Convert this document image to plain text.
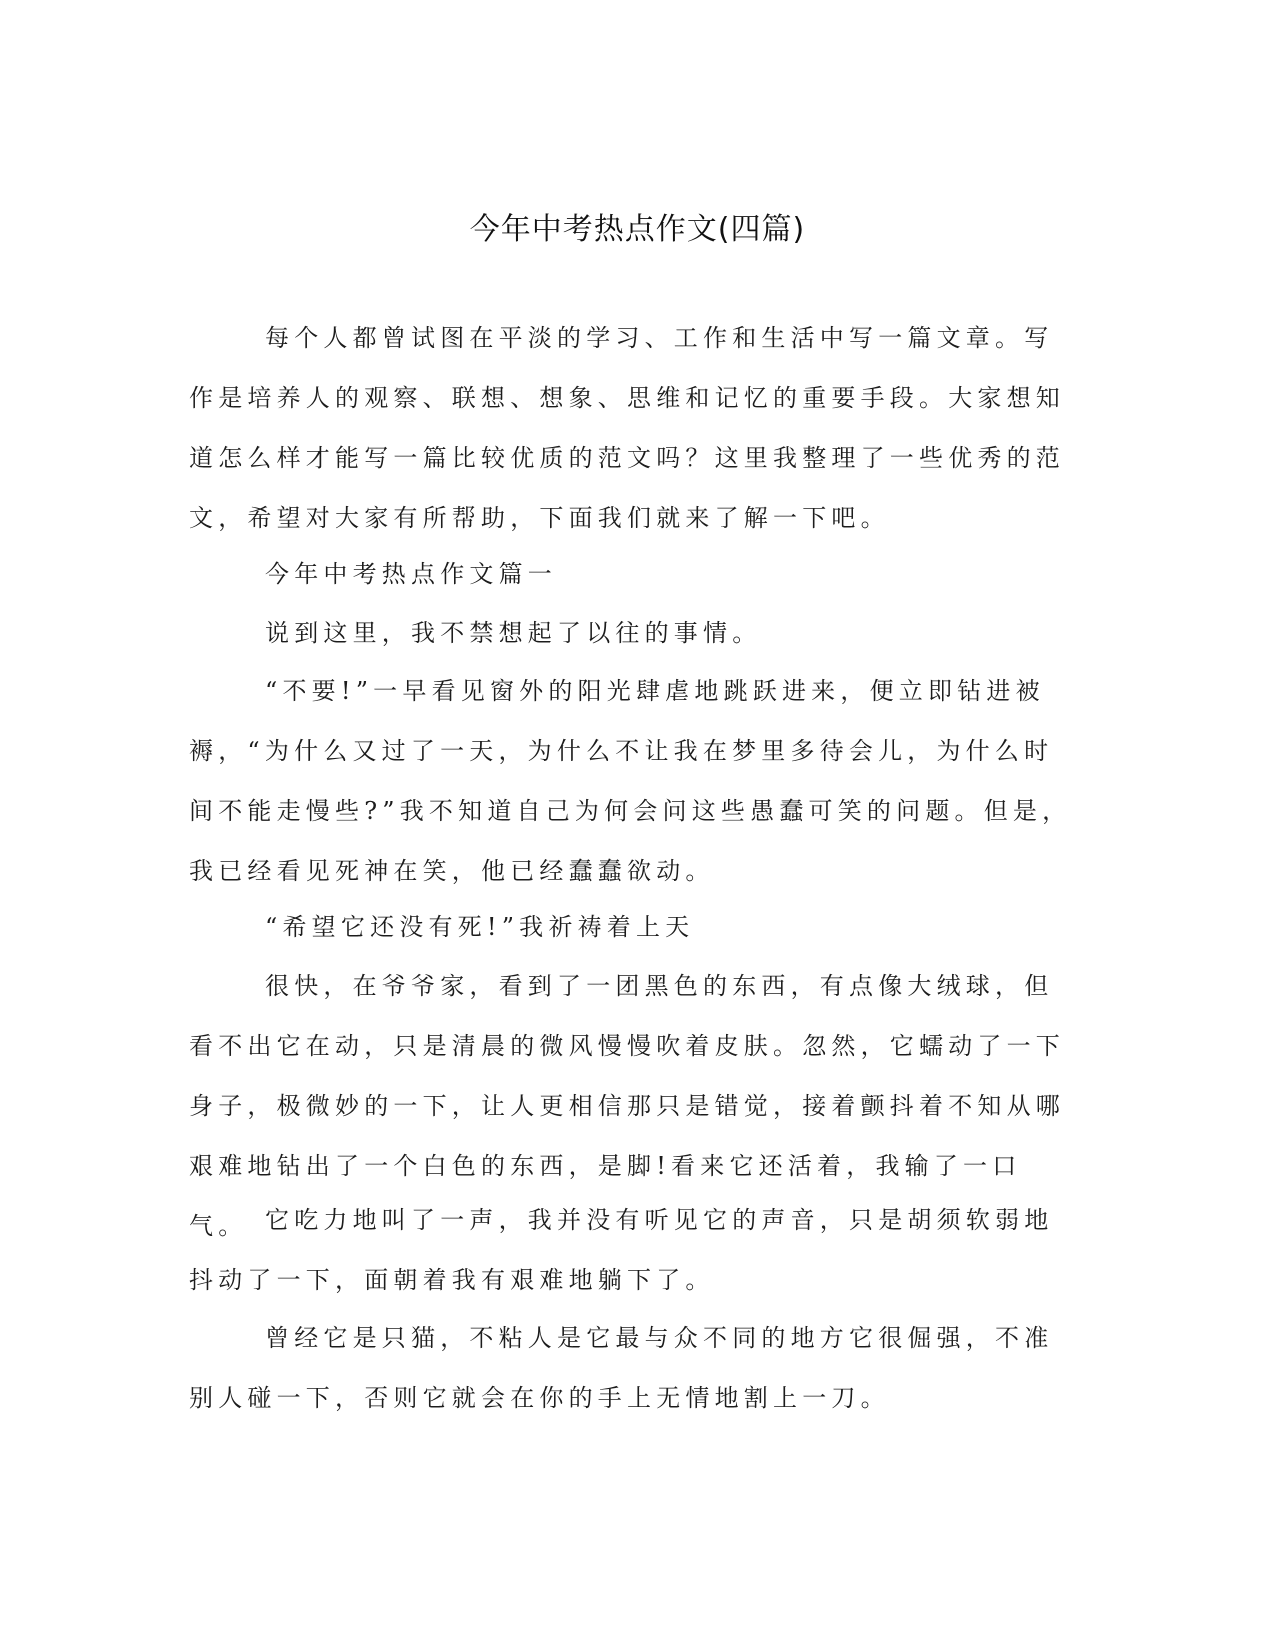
今年中考热点作文(四篇)
每个人都曾试图在平淡的学习、工作和生活中写一篇文章。写作是培养人的观察、联想、想象、思维和记忆的重要手段。大家想知道怎么样才能写一篇比较优质的范文吗？这里我整理了一些优秀的范文，希望对大家有所帮助，下面我们就来了解一下吧。
今年中考热点作文篇一
说到这里，我不禁想起了以往的事情。
“不要!”一早看见窗外的阳光肆虐地跳跃进来，便立即钻进被褥，“为什么又过了一天，为什么不让我在梦里多待会儿，为什么时间不能走慢些?”我不知道自己为何会问这些愚蠢可笑的问题。但是，我已经看见死神在笑，他已经蠢蠢欲动。
“希望它还没有死!”我祈祷着上天
很快，在爷爷家，看到了一团黑色的东西，有点像大绒球，但看不出它在动，只是清晨的微风慢慢吹着皮肤。忽然，它蠕动了一下身子，极微妙的一下，让人更相信那只是错觉，接着颤抖着不知从哪艰难地钻出了一个白色的东西，是脚!看来它还活着，我输了一口气。 它吃力地叫了一声，我并没有听见它的声音，只是胡须软弱地抖动了一下，面朝着我有艰难地躺下了。
曾经它是只猫，不粘人是它最与众不同的地方它很倔强，不准别人碰一下，否则它就会在你的手上无情地割上一刀。
